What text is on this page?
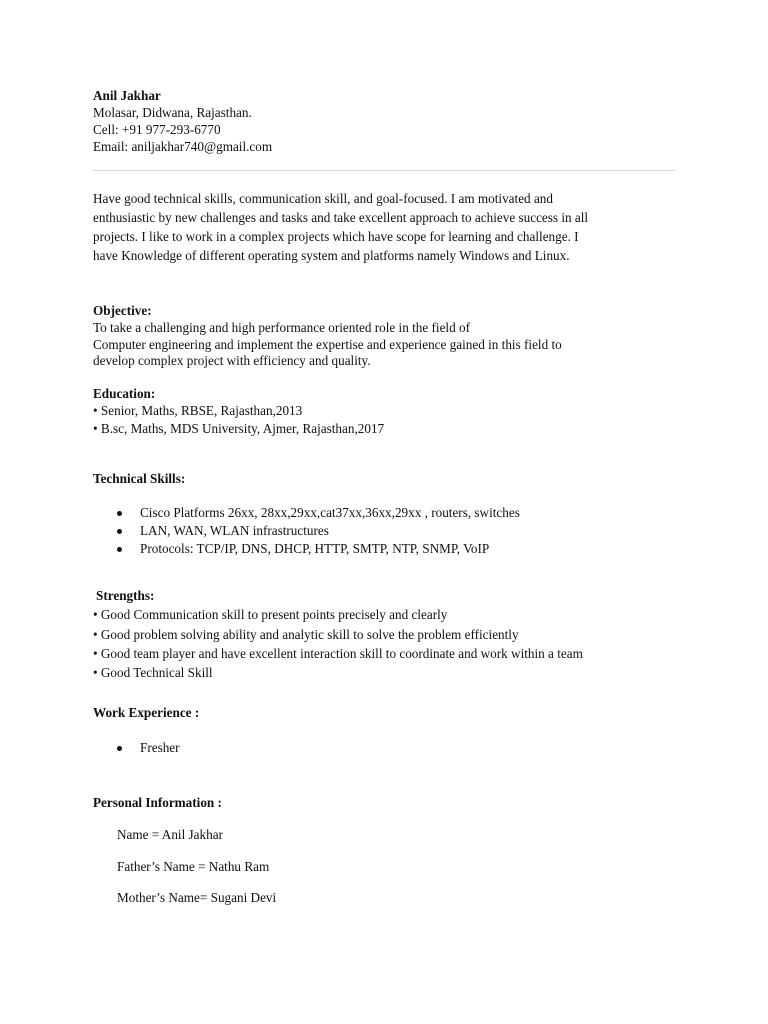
Anil Jakhar
Molasar, Didwana, Rajasthan.
Cell: +91 977-293-6770
Email: aniljakhar740@gmail.com
Have good technical skills, communication skill, and goal-focused. I am motivated and
enthusiastic by new challenges and tasks and take excellent approach to achieve success in all
projects. I like to work in a complex projects which have scope for learning and challenge. I
have Knowledge of different operating system and platforms namely Windows and Linux.
Objective:
To take a challenging and high performance oriented role in the field of
Computer engineering and implement the expertise and experience gained in this field to
develop complex project with efficiency and quality.
Education:
• Senior, Maths, RBSE, Rajasthan,2013
• B.sc, Maths, MDS University, Ajmer, Rajasthan,2017
Technical Skills:
Cisco Platforms 26xx, 28xx,29xx,cat37xx,36xx,29xx , routers, switches
LAN, WAN, WLAN infrastructures
Protocols: TCP/IP, DNS, DHCP, HTTP, SMTP, NTP, SNMP, VoIP
Strengths:
• Good Communication skill to present points precisely and clearly
• Good problem solving ability and analytic skill to solve the problem efficiently
• Good team player and have excellent interaction skill to coordinate and work within a team
• Good Technical Skill
Work Experience :
Fresher
Personal Information :
Name = Anil Jakhar
Father’s Name = Nathu Ram
Mother’s Name= Sugani Devi
